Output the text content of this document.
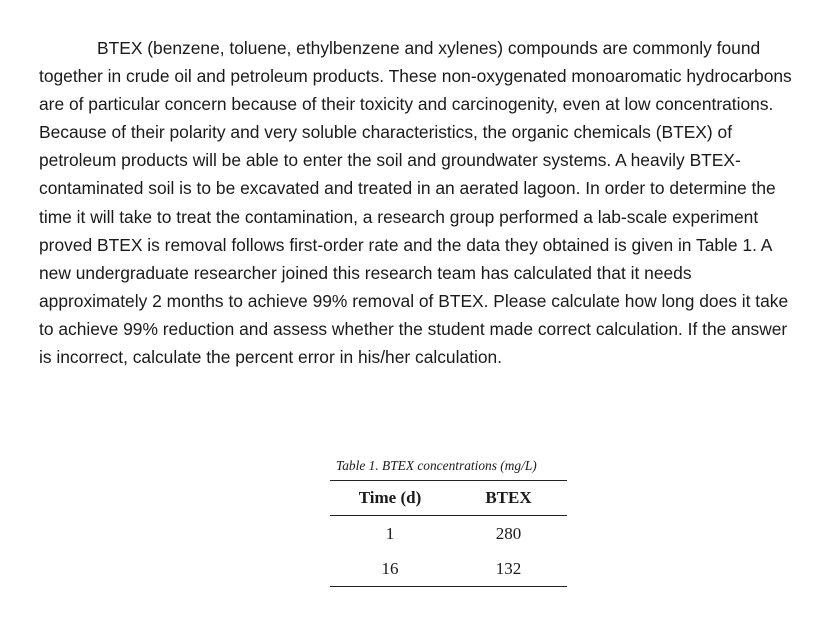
BTEX (benzene, toluene, ethylbenzene and xylenes) compounds are commonly found together in crude oil and petroleum products. These non-oxygenated monoaromatic hydrocarbons are of particular concern because of their toxicity and carcinogenity, even at low concentrations. Because of their polarity and very soluble characteristics, the organic chemicals (BTEX) of petroleum products will be able to enter the soil and groundwater systems. A heavily BTEX-contaminated soil is to be excavated and treated in an aerated lagoon. In order to determine the time it will take to treat the contamination, a research group performed a lab-scale experiment proved BTEX is removal follows first-order rate and the data they obtained is given in Table 1. A new undergraduate researcher joined this research team has calculated that it needs approximately 2 months to achieve 99% removal of BTEX. Please calculate how long does it take to achieve 99% reduction and assess whether the student made correct calculation. If the answer is incorrect, calculate the percent error in his/her calculation.

Table 1. BTEX concentrations (mg/L)
Time (d)	BTEX
1	280
16	132
